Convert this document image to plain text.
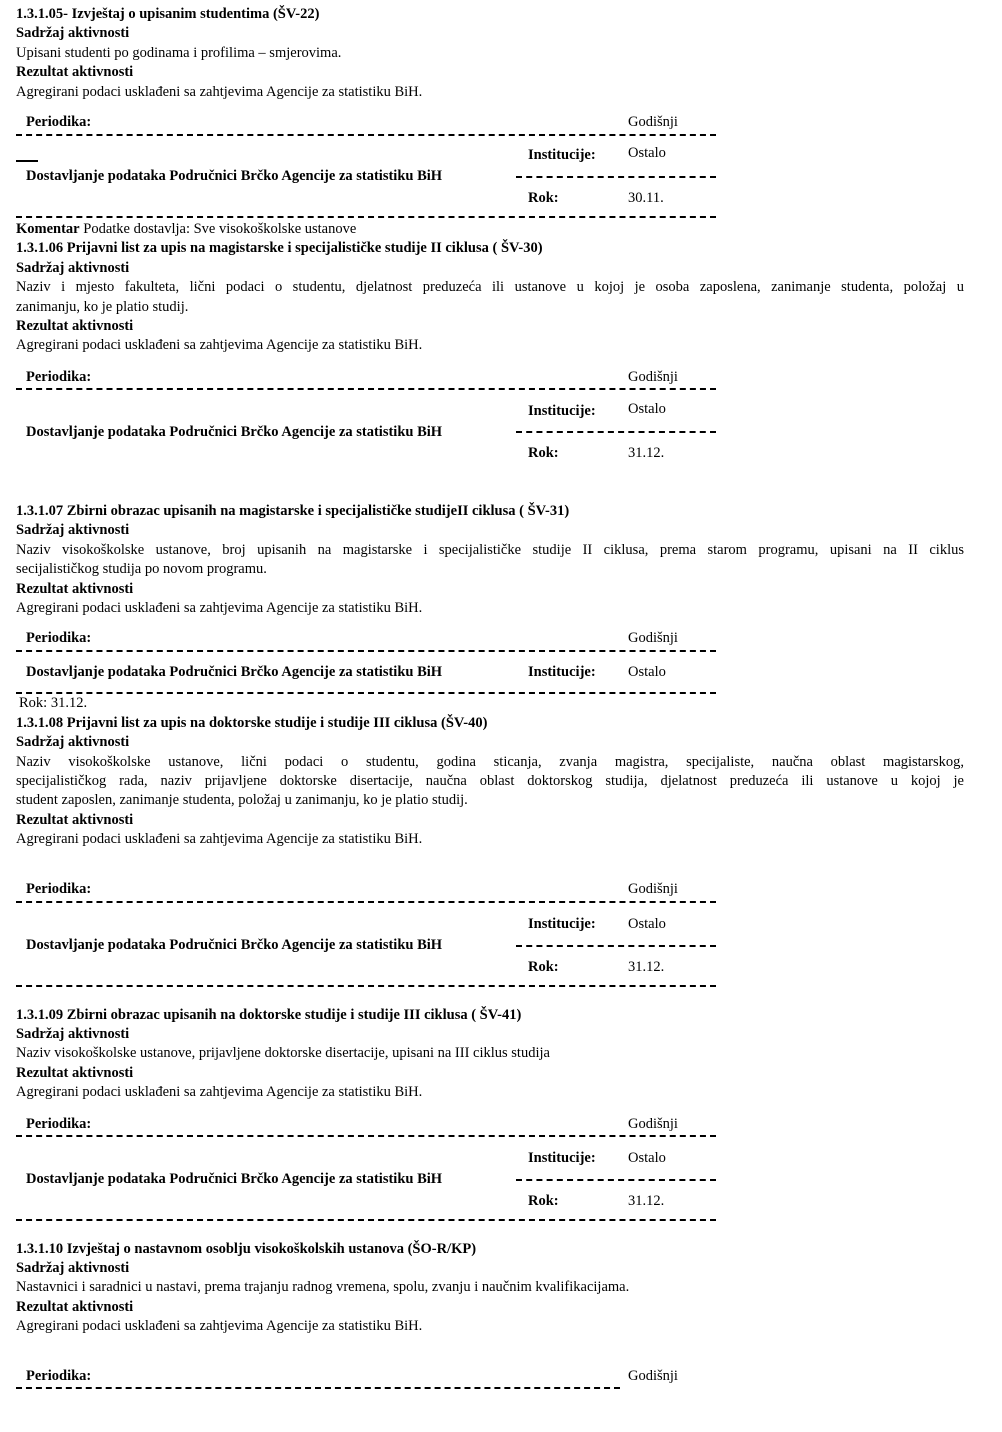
1.3.1.05- Izvještaj o upisanim studentima (ŠV-22)
Sadržaj aktivnosti
Upisani studenti po godinama i profilima – smjerovima.
Rezultat aktivnosti
Agregirani podaci usklađeni sa zahtjevima Agencije za statistiku BiH.
Periodika:	Godišnji
Institucije: Ostalo
Dostavljanje podataka Područnici Brčko Agencije za statistiku BiH
Rok:	30.11.
Komentar Podatke dostavlja: Sve visokoškolske ustanove
1.3.1.06 Prijavni list za upis na magistarske i specijalističke studije II ciklusa ( ŠV-30)
Sadržaj aktivnosti
Naziv i mjesto fakulteta, lični podaci o studentu, djelatnost preduzeća ili ustanove u kojoj je osoba zaposlena, zanimanje studenta, položaj u
zanimanju, ko je platio studij.
Rezultat aktivnosti
Agregirani podaci usklađeni sa zahtjevima Agencije za statistiku BiH.
Periodika:	Godišnji
Institucije: Ostalo
Dostavljanje podataka Područnici Brčko Agencije za statistiku BiH
Rok:	31.12.
1.3.1.07 Zbirni obrazac upisanih na magistarske i specijalističke studijeII ciklusa ( ŠV-31)
Sadržaj aktivnosti
Naziv visokoškolske ustanove, broj upisanih na magistarske i specijalističke studije II ciklusa, prema starom programu, upisani na II ciklus
secijalističkog studija po novom programu.
Rezultat aktivnosti
Agregirani podaci usklađeni sa zahtjevima Agencije za statistiku BiH.
Periodika:	Godišnji
Dostavljanje podataka Područnici Brčko Agencije za statistiku BiH	Institucije: Ostalo
Rok: 31.12.
1.3.1.08 Prijavni list za upis na doktorske studije i studije III ciklusa (ŠV-40)
Sadržaj aktivnosti
Naziv visokoškolske ustanove, lični podaci o studentu, godina sticanja, zvanja magistra, specijaliste, naučna oblast magistarskog,
specijalističkog rada, naziv prijavljene doktorske disertacije, naučna oblast doktorskog studija, djelatnost preduzeća ili ustanove u kojoj je
student zaposlen, zanimanje studenta, položaj u zanimanju, ko je platio studij.
Rezultat aktivnosti
Agregirani podaci usklađeni sa zahtjevima Agencije za statistiku BiH.
Periodika:	Godišnji
Institucije: Ostalo
Dostavljanje podataka Područnici Brčko Agencije za statistiku BiH
Rok:	31.12.
1.3.1.09 Zbirni obrazac upisanih na doktorske studije i studije III ciklusa ( ŠV-41)
Sadržaj aktivnosti
Naziv visokoškolske ustanove, prijavljene doktorske disertacije, upisani na III ciklus studija
Rezultat aktivnosti
Agregirani podaci usklađeni sa zahtjevima Agencije za statistiku BiH.
Periodika:	Godišnji
Institucije: Ostalo
Dostavljanje podataka Područnici Brčko Agencije za statistiku BiH
Rok:	31.12.
1.3.1.10 Izvještaj o nastavnom osoblju visokoškolskih ustanova (ŠO-R/KP)
Sadržaj aktivnosti
Nastavnici i saradnici u nastavi, prema trajanju radnog vremena, spolu, zvanju i naučnim kvalifikacijama.
Rezultat aktivnosti
Agregirani podaci usklađeni sa zahtjevima Agencije za statistiku BiH.
Periodika:	Godišnji
